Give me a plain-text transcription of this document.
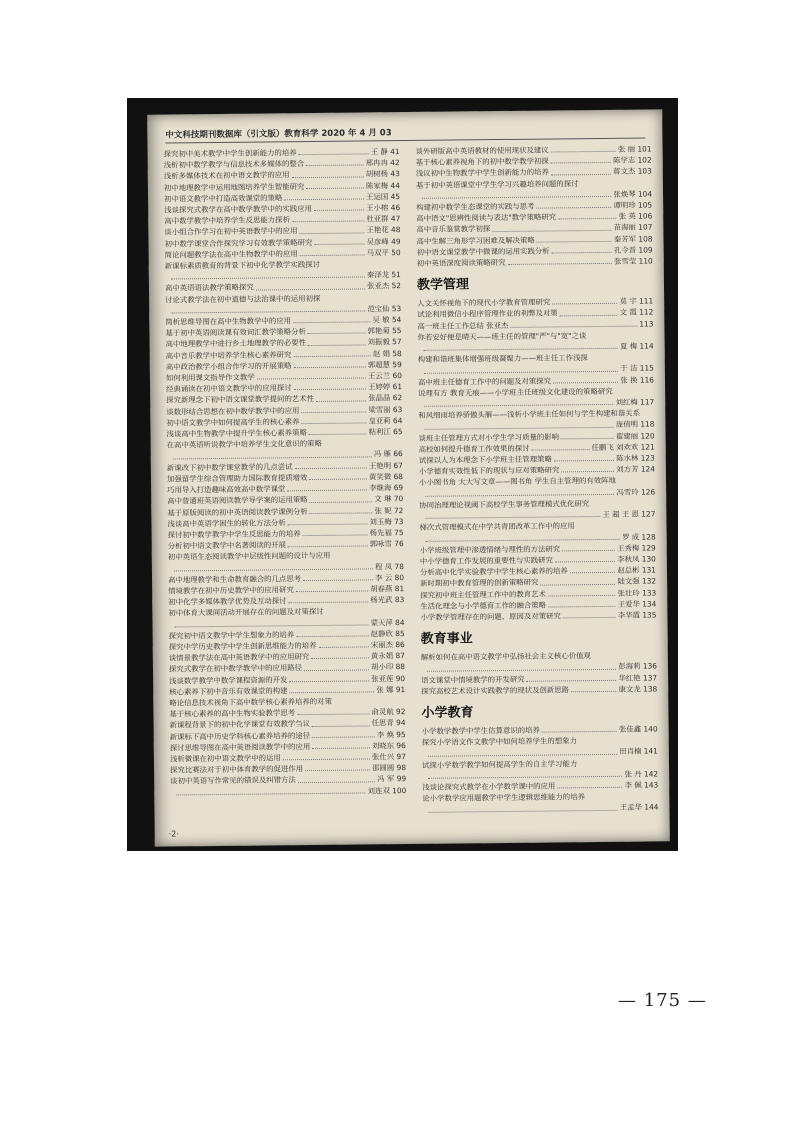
中文科技期刊数据库（引文版）教育科学 2020 年 4 月 03
探究初中美术教学中学生创新能力的培养	王 静 41
浅析初中数学教学与信息技术多媒体的整合	邢冉冉 42
浅析多媒体技术在初中语文教学的应用	胡树杨 43
初中地理教学中运用地图培养学生智能研究	陈家梅 44
初中语文教学中打造高效课堂的策略	王运国 45
浅谈探究式教学在高中数学教学中的实践应用	王小榕 46
高中数学教学中培养学生反思能力探析	杜亚群 47
谈小组合作学习在初中英语教学中的应用	王艳花 48
初中数学课堂合作探究学习有效教学策略研究	吴彦峰 49
简论问题教学法在高中生物教学中的应用	马双平 50
新课标素质教育的背景下初中化学教学实践探讨
秦泽龙 51
高中英语语法教学策略探究	张亚杰 52
讨论式教学法在初中道德与法治课中的运用初探
范宝仙 53
简析思维导图在高中生物教学中的应用	吴 敏 54
基于初中英语阅读课有效词汇教学策略分析	郭艳菊 55
高中地理教学中进行乡土地理教学的必要性	刘振毅 57
高中音乐教学中培养学生核心素养研究	赵 娟 58
高中政治教学小组合作学习的开展策略	郭超慧 59
如何利用课文指导作文教学	王云兰 60
经典诵读在初中语文教学中的应用探讨	王婷婷 61
探究新理念下初中语文课堂教学提问的艺术性	张晶晶 62
谈数形结合思想在初中数学教学中的应用	梁雪丽 63
初中语文教学中如何提高学生的核心素养	皇亚莉 64
浅谈高中生物教学中提升学生核心素养策略	粘利江 65
在高中英语听说教学中培养学生文化意识的策略
冯 雁 66
新课改下初中数学课堂教学的几点尝试	王艳明 67
加强留学生综合管理助力国际教育提质增效	黄笑微 68
巧用导入打造趣味高效高中数学课堂	李继海 69
高中普通班英语阅读教学导学案的运用策略	文 琳 70
基于原版阅读的初中英语阅读教学课例分析	张 妮 72
浅谈高中英语学困生的转化方法分析	刘玉梅 73
探讨初中数学教学中学生反思能力的培养	杨先福 75
分析初中语文教学中名著阅读的开展	郭咏雪 76
初中英语生态阅读教学中层级性问题的设计与应用
程 凤 78
高中地理教学和生命教育融合的几点思考	李 云 80
情境教学在初中历史教学中的应用研究	胡春燕 81
初中化学多媒体教学优势及互动探讨	杨光武 83
初中体育大课间活动开展存在的问题及对策探讨
蒙天萍 84
探究初中语文教学中学生想象力的培养	赵静欣 85
探究中学历史教学中学生创新思维能力的培养	宋丽杰 86
谈情景教学法在高中英语教学中的应用研究	黄永娟 87
探究式教学在初中数学教学中的应用路径	胡小印 88
浅谈数学教学中数学课程资源的开发	张亚莲 90
核心素养下初中音乐有效课堂的构建	张 娜 91
略论信息技术视角下高中数学核心素养培养的对策
基于核心素养的高中生物实验教学思考	俞灵航 92
新课程背景下的初中化学课堂有效教学刍议	任思青 94
新课标下高中历史学科核心素养培养的途径	李 焕 95
探讨思维导图在高中英语阅读教学中的应用	刘晓东 96
浅析微课在初中语文教学中的运用	张仕兴 97
探究比赛法对于初中体育教学的促进作用	邵圆圆 98
谈初中英语写作常见的错误及纠错方法	冯 军 99
刘连双 100
谈外研版高中英语教材的使用现状及建议	张 丽 101
基于核心素养视角下的初中数学教学初探	陈学志 102
浅议初中生物教学中学生创新能力的培养	蒋文杰 103
基于初中英语课堂中学生学习兴趣培养问题的探讨
张焕琴 104
构建初中数学生态课堂的实践与思考	谭明珍 105
高中语文"思辨性阅读与表达"教学策略研究	张 英 106
高中音乐鉴赏教学初探	苗海丽 107
高中生解三角形学习困难及解决策略	秦芳军 108
初中语文课堂教学中微课的运用实践分析	孔令晋 109
初中英语深度阅读策略研究	张雪莹 110
教学管理
人文关怀视角下的现代小学教育管理研究	莫 宇 111
试论利用微信小程序管理作业的利弊及对策	文 霞 112
高一班主任工作总结 张亚杰	113
你若安好便是晴天——班主任的管理"严"与"宽"之谈
夏 梅 114
构建和谐班集体增强班级凝聚力——班主任工作浅探
于 洁 115
高中班主任德育工作中的问题及对策探究	张 换 116
说理有方 教育无痕——小学班主任班级文化建设的策略研究
刘红梅 117
和风细雨培养骄傲头雁——浅析小学班主任如何与学生构建和谐关系
庞倩明 118
谈班主任管理方式对小学生学习质量的影响	翟建丽 120
高校如何提升德育工作效果的探讨	任鹏飞 刘欢欢 121
试探以人为本理念下小学班主任管理策略	陈水林 123
小学德育实效性低下的现状与应对策略研究	刘方芳 124
小小图书角 大大写文章——图书角 学生自主管理的有效阵地
冯雪玲 126
协同治理理论视阈下高校学生事务管理模式优化研究
王 超 王 恩 127
梯次式管理模式在中学共青团改革工作中的应用
罗 成 128
小学班级管理中渗透情绪与理性的方法研究	王秀梅 129
中小学德育工作发展的重要性与实践研究	李秋凤 130
分析高中化学实验教学中学生核心素养的培养	赵总彬 131
新时期初中教育管理的创新策略研究	陆文强 132
探究初中班主任管理工作中的教育艺术	张壮玲 133
生活化理念与小学德育工作的融合策略	王爱华 134
小学教学管理存在的问题、原因及对策研究	李华霞 135
教育事业
解析如何在高中语文教学中弘扬社会主义核心价值观
彭海莉 136
语文课堂中情境教学的开发研究	华红艳 137
探究高校艺术设计实践教学的现状及创新思路	康文龙 138
小学教育
小学数学教学中学生估算意识的培养	张佳鑫 140
探究小学语文作文教学中如何培养学生的想象力
田肖楠 141
试探小学数学教学如何提高学生的自主学习能力
张 丹 142
浅谈论探究式教学在小学数学课中的应用	李 佩 143
论小学数学应用题教学中学生逻辑思维能力的培养
王孟华 144
·2·
— 175 —
